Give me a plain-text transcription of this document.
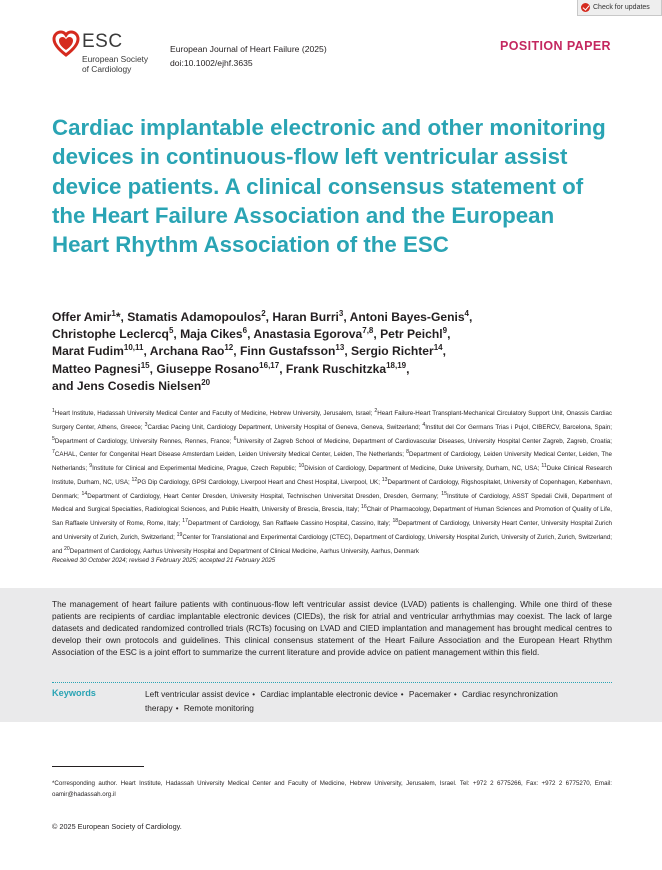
Check for updates
ESC
European Society
of Cardiology
European Journal of Heart Failure (2025)
doi:10.1002/ejhf.3635
POSITION PAPER
Cardiac implantable electronic and other monitoring devices in continuous-flow left ventricular assist device patients. A clinical consensus statement of the Heart Failure Association and the European Heart Rhythm Association of the ESC
Offer Amir$^1$*, Stamatis Adamopoulos$^2$, Haran Burri$^3$, Antoni Bayes-Genis$^4$,
Christophe Leclercq$^5$, Maja Cikes$^6$, Anastasia Egorova$^{7,8}$, Petr Peichl$^9$,
Marat Fudim$^{10,11}$, Archana Rao$^{12}$, Finn Gustafsson$^{13}$, Sergio Richter$^{14}$,
Matteo Pagnesi$^{15}$, Giuseppe Rosano$^{16,17}$, Frank Ruschitzka$^{18,19}$,
and Jens Cosedis Nielsen$^{20}$
$^1$Heart Institute, Hadassah University Medical Center and Faculty of Medicine, Hebrew University, Jerusalem, Israel; $^2$Heart Failure-Heart Transplant-Mechanical Circulatory Support Unit, Onassis Cardiac Surgery Center, Athens, Greece; $^3$Cardiac Pacing Unit, Cardiology Department, University Hospital of Geneva, Geneva, Switzerland; $^4$Institut del Cor Germans Trias i Pujol, CIBERCV, Barcelona, Spain; $^5$Department of Cardiology, University Rennes, Rennes, France; $^6$University of Zagreb School of Medicine, Department of Cardiovascular Diseases, University Hospital Center Zagreb, Zagreb, Croatia; $^7$CAHAL, Center for Congenital Heart Disease Amsterdam Leiden, Leiden University Medical Center, Leiden, The Netherlands; $^8$Department of Cardiology, Leiden University Medical Center, Leiden, The Netherlands; $^9$Institute for Clinical and Experimental Medicine, Prague, Czech Republic; $^{10}$Division of Cardiology, Department of Medicine, Duke University, Durham, NC, USA; $^{11}$Duke Clinical Research Institute, Durham, NC, USA; $^{12}$PG Dip Cardiology, GPSI Cardiology, Liverpool Heart and Chest Hospital, Liverpool, UK; $^{13}$Department of Cardiology, Rigshospitalet, University of Copenhagen, København, Denmark; $^{14}$Department of Cardiology, Heart Center Dresden, University Hospital, Technischen Universitat Dresden, Dresden, Germany; $^{15}$Institute of Cardiology, ASST Spedali Civili, Department of Medical and Surgical Specialties, Radiological Sciences, and Public Health, University of Brescia, Brescia, Italy; $^{16}$Chair of Pharmacology, Department of Human Sciences and Promotion of Quality of Life, San Raffaele University of Rome, Rome, Italy; $^{17}$Department of Cardiology, San Raffaele Cassino Hospital, Cassino, Italy; $^{18}$Department of Cardiology, University Heart Center, University Hospital Zurich and University of Zurich, Zurich, Switzerland; $^{19}$Center for Translational and Experimental Cardiology (CTEC), Department of Cardiology, University Hospital Zurich, University of Zurich, Zurich, Switzerland; and $^{20}$Department of Cardiology, Aarhus University Hospital and Department of Clinical Medicine, Aarhus University, Aarhus, Denmark
Received 30 October 2024; revised 3 February 2025; accepted 21 February 2025
The management of heart failure patients with continuous-flow left ventricular assist device (LVAD) patients is challenging. While one third of these patients are recipients of cardiac implantable electronic devices (CIEDs), the risk for atrial and ventricular arrhythmias may coexist. The lack of large datasets and dedicated randomized controlled trials (RCTs) focusing on LVAD and CIED implantation and management has brought medical centres to develop their own protocols and guidelines. This clinical consensus statement of the Heart Failure Association and the European Heart Rhythm Association of the ESC is a joint effort to summarize the current literature and provide advice on patient management within this field.
Keywords	Left ventricular assist device • Cardiac implantable electronic device • Pacemaker • Cardiac resynchronization therapy • Remote monitoring
*Corresponding author. Heart Institute, Hadassah University Medical Center and Faculty of Medicine, Hebrew University, Jerusalem, Israel. Tel: +972 2 6775266, Fax: +972 2 6775270, Email: oamir@hadassah.org.il
© 2025 European Society of Cardiology.
